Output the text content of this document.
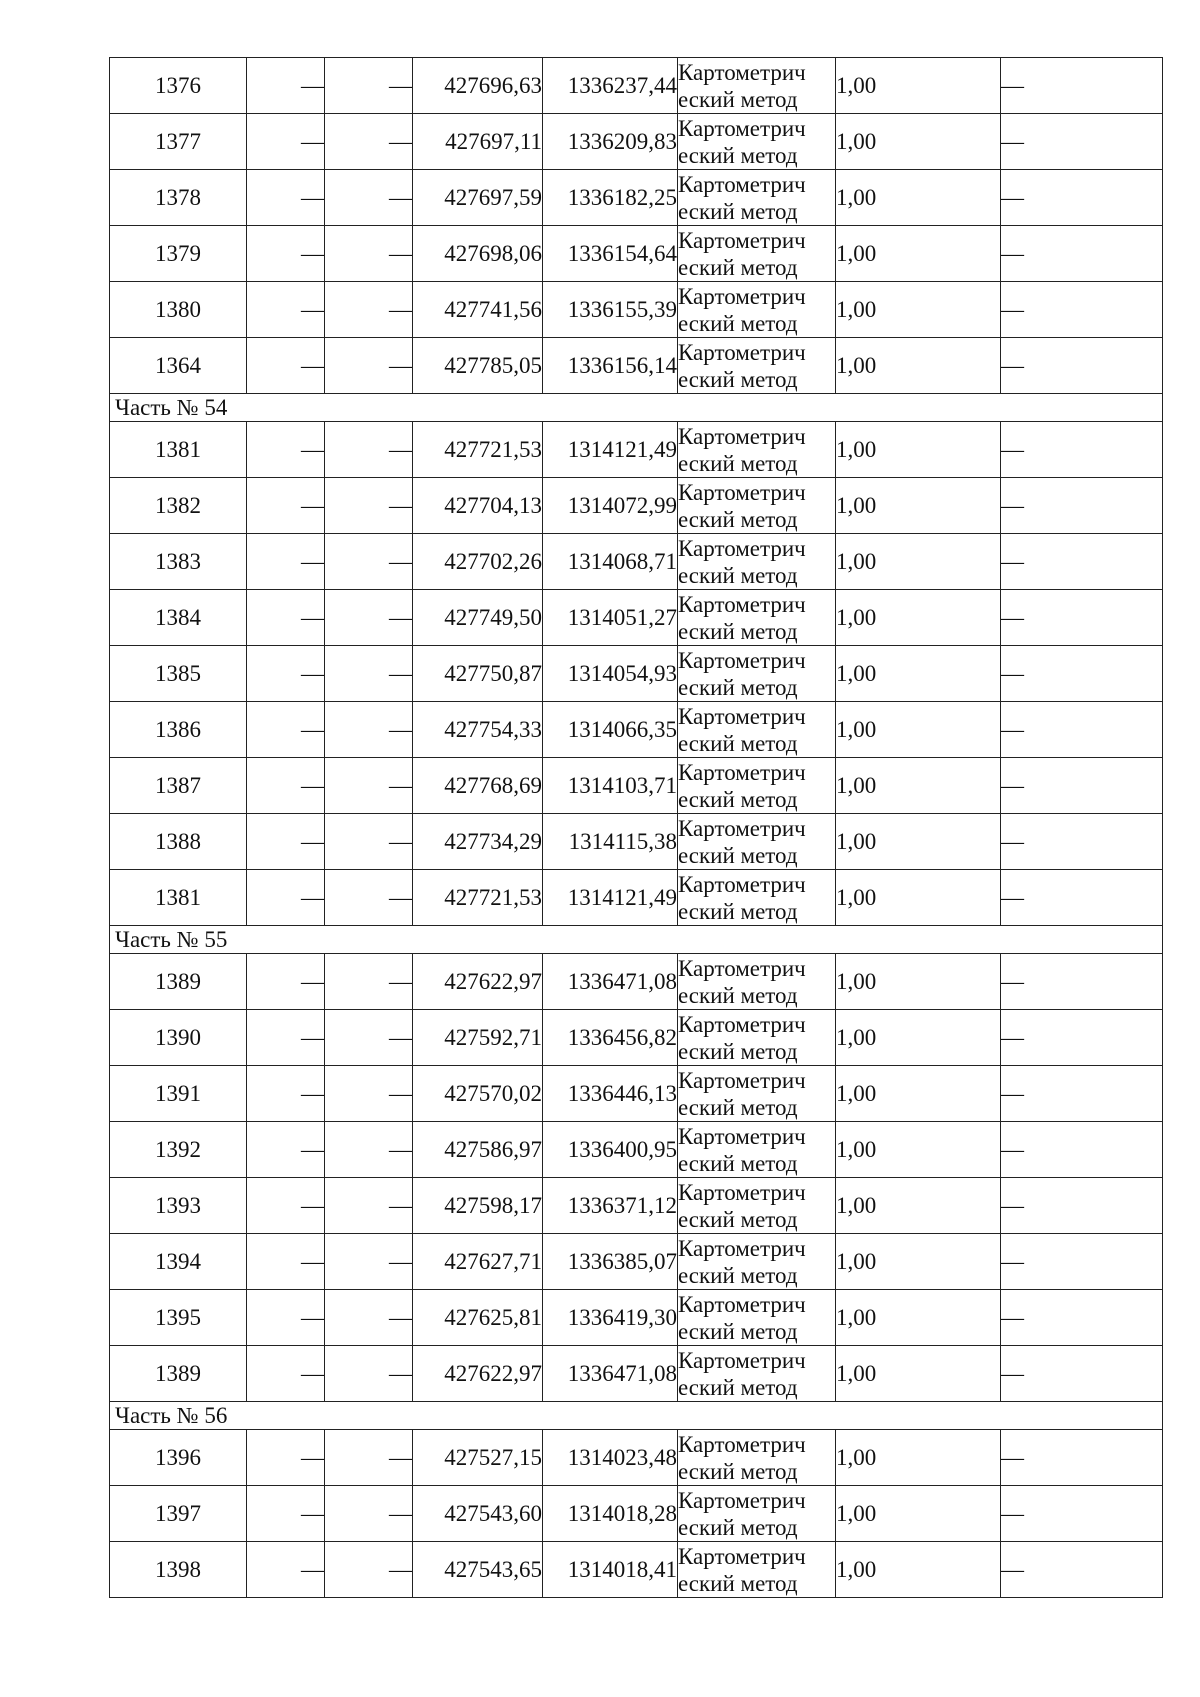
1376	—	—	427696,63	1336237,44	Картометрич
еский метод	1,00	—
1377	—	—	427697,11	1336209,83	Картометрич
еский метод	1,00	—
1378	—	—	427697,59	1336182,25	Картометрич
еский метод	1,00	—
1379	—	—	427698,06	1336154,64	Картометрич
еский метод	1,00	—
1380	—	—	427741,56	1336155,39	Картометрич
еский метод	1,00	—
1364	—	—	427785,05	1336156,14	Картометрич
еский метод	1,00	—
Часть № 54							
1381	—	—	427721,53	1314121,49	Картометрич
еский метод	1,00	—
1382	—	—	427704,13	1314072,99	Картометрич
еский метод	1,00	—
1383	—	—	427702,26	1314068,71	Картометрич
еский метод	1,00	—
1384	—	—	427749,50	1314051,27	Картометрич
еский метод	1,00	—
1385	—	—	427750,87	1314054,93	Картометрич
еский метод	1,00	—
1386	—	—	427754,33	1314066,35	Картометрич
еский метод	1,00	—
1387	—	—	427768,69	1314103,71	Картометрич
еский метод	1,00	—
1388	—	—	427734,29	1314115,38	Картометрич
еский метод	1,00	—
1381	—	—	427721,53	1314121,49	Картометрич
еский метод	1,00	—
Часть № 55							
1389	—	—	427622,97	1336471,08	Картометрич
еский метод	1,00	—
1390	—	—	427592,71	1336456,82	Картометрич
еский метод	1,00	—
1391	—	—	427570,02	1336446,13	Картометрич
еский метод	1,00	—
1392	—	—	427586,97	1336400,95	Картометрич
еский метод	1,00	—
1393	—	—	427598,17	1336371,12	Картометрич
еский метод	1,00	—
1394	—	—	427627,71	1336385,07	Картометрич
еский метод	1,00	—
1395	—	—	427625,81	1336419,30	Картометрич
еский метод	1,00	—
1389	—	—	427622,97	1336471,08	Картометрич
еский метод	1,00	—
Часть № 56							
1396	—	—	427527,15	1314023,48	Картометрич
еский метод	1,00	—
1397	—	—	427543,60	1314018,28	Картометрич
еский метод	1,00	—
1398	—	—	427543,65	1314018,41	Картометрич
еский метод	1,00	—
